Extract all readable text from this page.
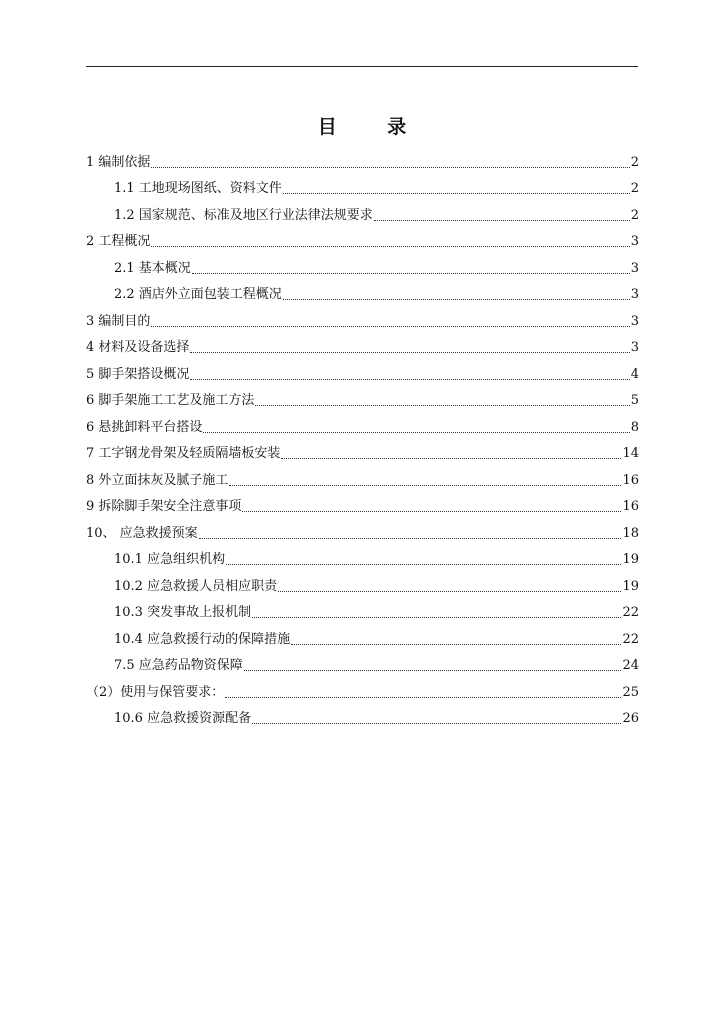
目 录
1 编制依据	2
1.1 工地现场图纸、资料文件	2
1.2 国家规范、标准及地区行业法律法规要求	2
2 工程概况	3
2.1 基本概况	3
2.2 酒店外立面包装工程概况	3
3 编制目的	3
4 材料及设备选择	3
5 脚手架搭设概况	4
6 脚手架施工工艺及施工方法	5
6 悬挑卸料平台搭设	8
7 工字钢龙骨架及轻质隔墙板安装	14
8 外立面抹灰及腻子施工	16
9 拆除脚手架安全注意事项	16
10、 应急救援预案	18
10.1 应急组织机构	19
10.2 应急救援人员相应职责	19
10.3 突发事故上报机制	22
10.4 应急救援行动的保障措施	22
7.5 应急药品物资保障	24
（2）使用与保管要求：	25
10.6 应急救援资源配备	26
